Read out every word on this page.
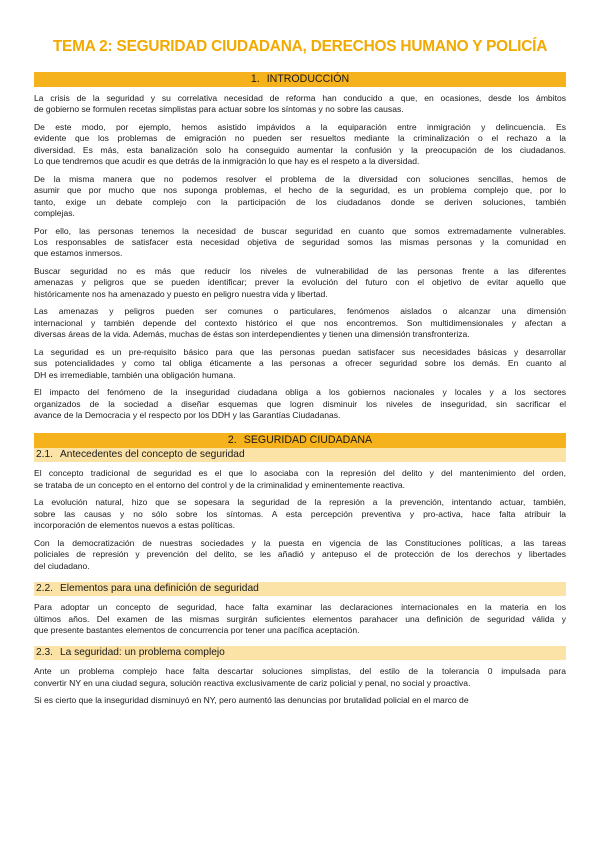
TEMA 2: SEGURIDAD CIUDADANA, DERECHOS HUMANO Y POLICÍA
1. INTRODUCCIÓN
La crisis de la seguridad y su correlativa necesidad de reforma han conducido a que, en ocasiones, desde los ámbitos
de gobierno se formulen recetas simplistas para actuar sobre los síntomas y no sobre las causas.
De este modo, por ejemplo, hemos asistido impávidos a la equiparación entre inmigración y delincuencia. Es
evidente que los problemas de emigración no pueden ser resueltos mediante la criminalización o el rechazo a la
diversidad. Es más, esta banalización solo ha conseguido aumentar la confusión y la preocupación de los ciudadanos.
Lo que tendremos que acudir es que detrás de la inmigración lo que hay es el respeto a la diversidad.
De la misma manera que no podemos resolver el problema de la diversidad con soluciones sencillas, hemos de
asumir que por mucho que nos suponga problemas, el hecho de la seguridad, es un problema complejo que, por lo
tanto, exige un debate complejo con la participación de los ciudadanos donde se deriven soluciones, también
complejas.
Por ello, las personas tenemos la necesidad de buscar seguridad en cuanto que somos extremadamente vulnerables.
Los responsables de satisfacer esta necesidad objetiva de seguridad somos las mismas personas y la comunidad en
que estamos inmersos.
Buscar seguridad no es más que reducir los niveles de vulnerabilidad de las personas frente a las diferentes
amenazas y peligros que se pueden identificar; prever la evolución del futuro con el objetivo de evitar aquello que
históricamente nos ha amenazado y puesto en peligro nuestra vida y libertad.
Las amenazas y peligros pueden ser comunes o particulares, fenómenos aislados o alcanzar una dimensión
internacional y también depende del contexto histórico el que nos encontremos. Son multidimensionales y afectan a
diversas áreas de la vida. Además, muchas de éstas son interdependientes y tienen una dimensión transfronteriza.
La seguridad es un pre-requisito básico para que las personas puedan satisfacer sus necesidades básicas y desarrollar
sus potencialidades y como tal obliga éticamente a las personas a ofrecer seguridad sobre los demás. En cuanto al
DH es irremediable, también una obligación humana.
El impacto del fenómeno de la inseguridad ciudadana obliga a los gobiernos nacionales y locales y a los sectores
organizados de la sociedad a diseñar esquemas que logren disminuir los niveles de inseguridad, sin sacrificar el
avance de la Democracia y el respecto por los DDH y las Garantías Ciudadanas.
2. SEGURIDAD CIUDADANA
2.1. Antecedentes del concepto de seguridad
El concepto tradicional de seguridad es el que lo asociaba con la represión del delito y del mantenimiento del orden,
se trataba de un concepto en el entorno del control y de la criminalidad y eminentemente reactiva.
La evolución natural, hizo que se sopesara la seguridad de la represión a la prevención, intentando actuar, también,
sobre las causas y no sólo sobre los síntomas. A esta percepción preventiva y pro-activa, hace falta atribuir la
incorporación de elementos nuevos a estas políticas.
Con la democratización de nuestras sociedades y la puesta en vigencia de las Constituciones políticas, a las tareas
policiales de represión y prevención del delito, se les añadió y antepuso el de protección de los derechos y libertades
del ciudadano.
2.2. Elementos para una definición de seguridad
Para adoptar un concepto de seguridad, hace falta examinar las declaraciones internacionales en la materia en los
últimos años. Del examen de las mismas surgirán suficientes elementos parahacer una definición de seguridad válida y
que presente bastantes elementos de concurrencia por tener una pacífica aceptación.
2.3. La seguridad: un problema complejo
Ante un problema complejo hace falta descartar soluciones simplistas, del estilo de la tolerancia 0 impulsada para
convertir NY en una ciudad segura, solución reactiva exclusivamente de cariz policial y penal, no social y proactiva.
Si es cierto que la inseguridad disminuyó en NY, pero aumentó las denuncias por brutalidad policial en el marco de
